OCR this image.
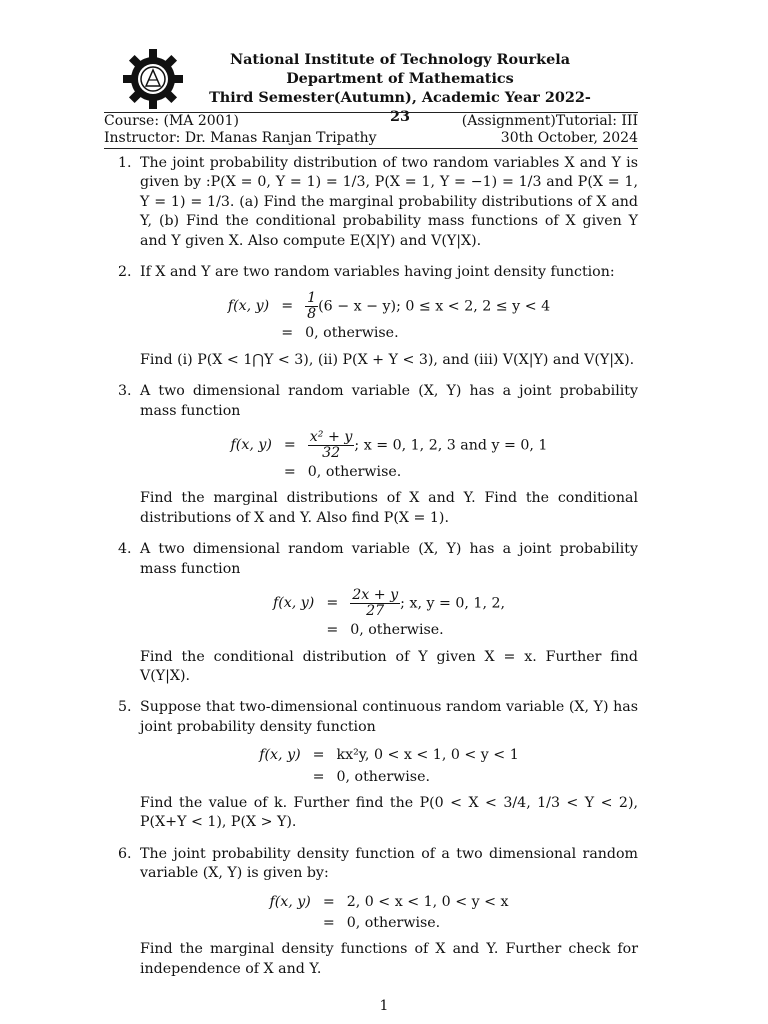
National Institute of Technology Rourkela
Department of Mathematics
Third Semester(Autumn), Academic Year 2022-23
Course: (MA 2001)	(Assignment)Tutorial: III
Instructor: Dr. Manas Ranjan Tripathy	30th October, 2024
1. The joint probability distribution of two random variables X and Y is given by :P(X = 0, Y = 1) = 1/3, P(X = 1, Y = −1) = 1/3 and P(X = 1, Y = 1) = 1/3. (a) Find the marginal probability distributions of X and Y, (b) Find the conditional probability mass functions of X given Y and Y given X. Also compute E(X|Y) and V(Y|X).

2. If X and Y are two random variables having joint density function:

f(x, y)	=	$\frac{1}{8} (6 - x - y)$; 0 ≤ x < 2, 2 ≤ y < 4
	=	0, otherwise.

Find (i) P(X < 1⋂Y < 3), (ii) P(X + Y < 3), and (iii) V(X|Y) and V(Y|X).

3. A two dimensional random variable (X, Y) has a joint probability mass function

f(x, y)	=	$\frac{\text{x² + y}}{32}$ ; x = 0, 1, 2, 3 and y = 0, 1
	=	0, otherwise.

Find the marginal distributions of X and Y. Find the conditional distributions of X and Y. Also find P(X = 1).

4. A two dimensional random variable (X, Y) has a joint probability mass function

f(x, y)	=	$\frac{2x + y}{27}$ ; x, y = 0, 1, 2,
	=	0, otherwise.

Find the conditional distribution of Y given X = x. Further find V(Y|X).

5. Suppose that two-dimensional continuous random variable (X, Y) has joint probability density function

f(x, y)	=	kx²y, 0 < x < 1, 0 < y < 1
	=	0, otherwise.

Find the value of k. Further find the P(0 < X < 3/4, 1/3 < Y < 2), P(X+Y < 1), P(X > Y).

6. The joint probability density function of a two dimensional random variable (X, Y) is given by:

f(x, y)	=	2, 0 < x < 1, 0 < y < x
	=	0, otherwise.

Find the marginal density functions of X and Y. Further check for independence of X and Y.

1
